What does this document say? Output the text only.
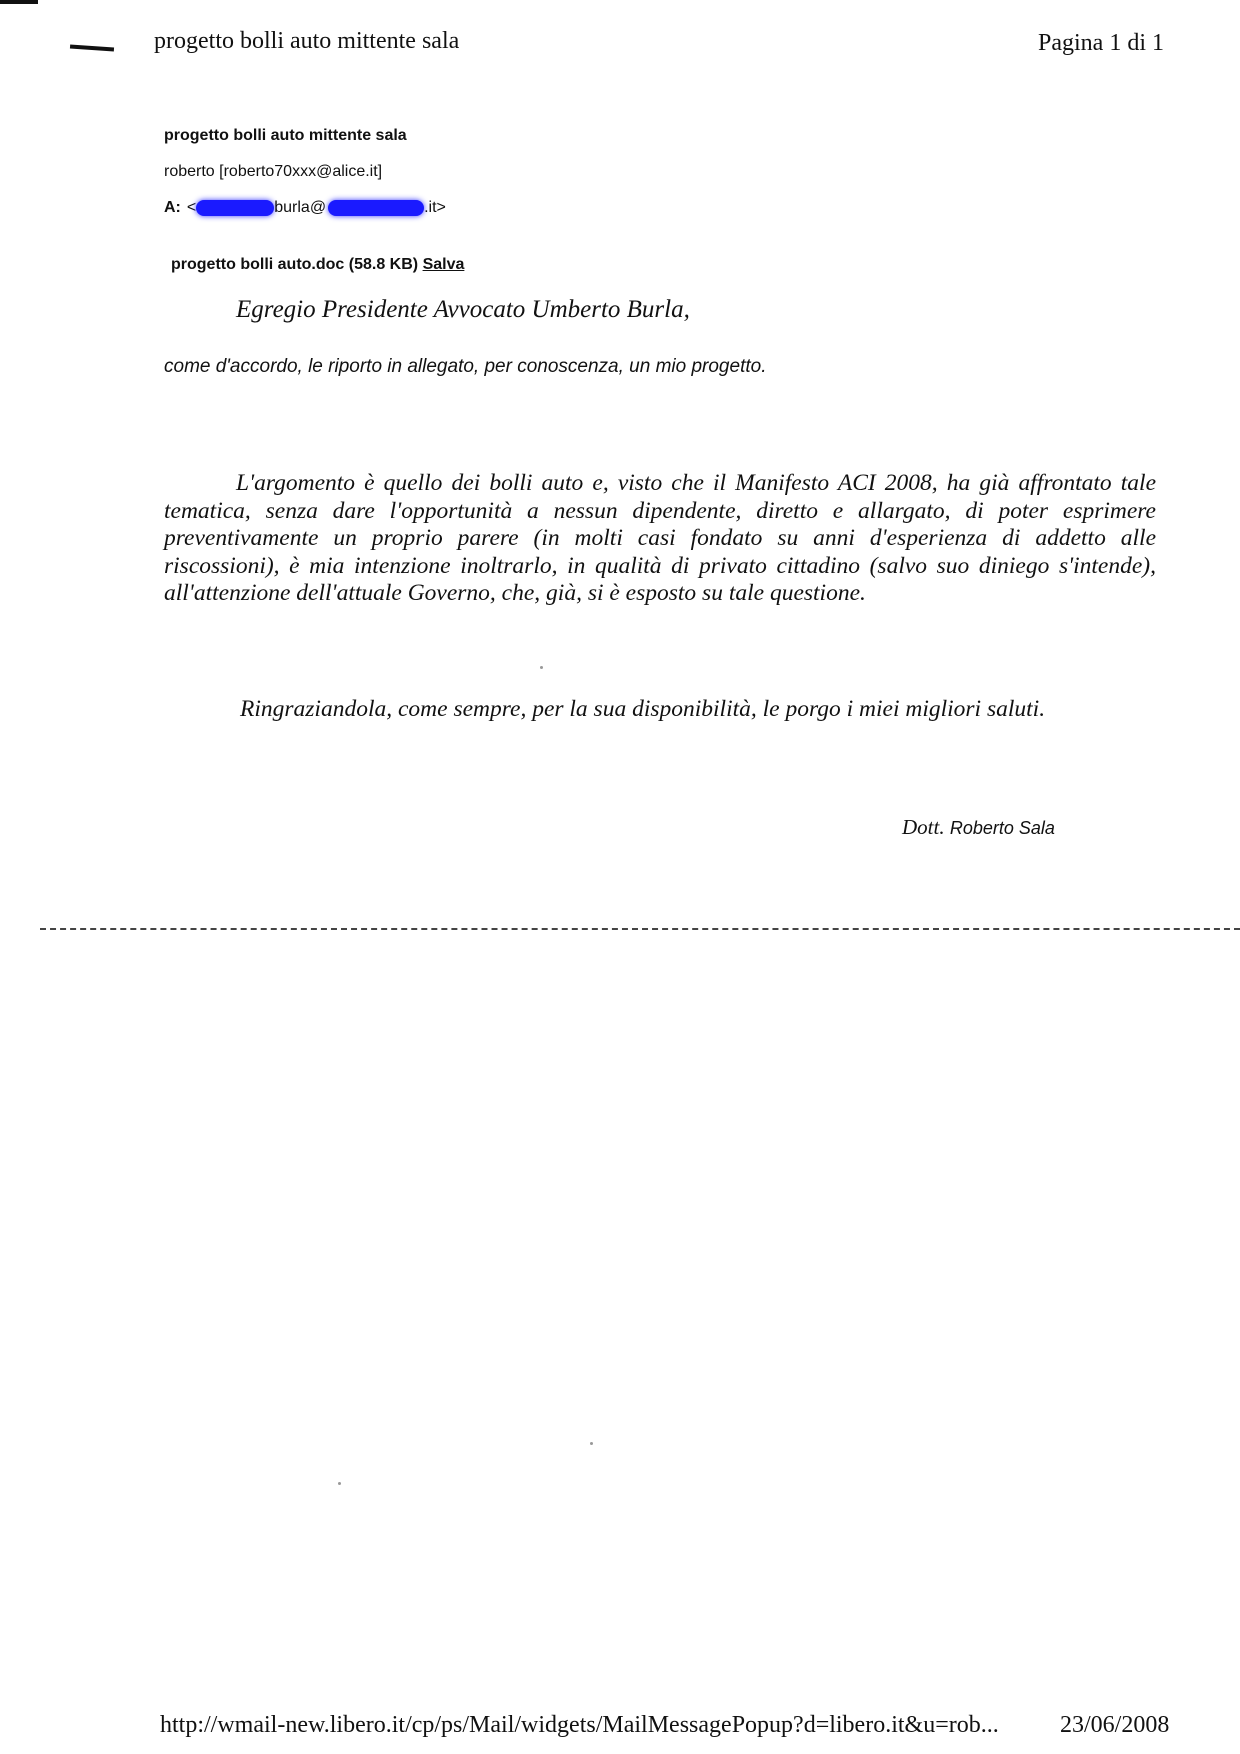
progetto bolli auto mittente sala	Pagina 1 di 1
progetto bolli auto mittente sala
roberto [roberto70xxx@alice.it]
A: <	burla@	.it>
progetto bolli auto.doc (58.8 KB) Salva
Egregio Presidente Avvocato Umberto Burla,
come d'accordo, le riporto in allegato, per conoscenza, un mio progetto.
L'argomento è quello dei bolli auto e, visto che il Manifesto ACI 2008, ha già affrontato tale tematica, senza dare l'opportunità a nessun dipendente, diretto e allargato, di poter esprimere preventivamente un proprio parere (in molti casi fondato su anni d'esperienza di addetto alle riscossioni), è mia intenzione inoltrarlo, in qualità di privato cittadino (salvo suo diniego s'intende), all'attenzione dell'attuale Governo, che, già, si è esposto su tale questione.
Ringraziandola, come sempre, per la sua disponibilità, le porgo i miei migliori saluti.
Dott. Roberto Sala
http://wmail-new.libero.it/cp/ps/Mail/widgets/MailMessagePopup?d=libero.it&u=rob...	23/06/2008
